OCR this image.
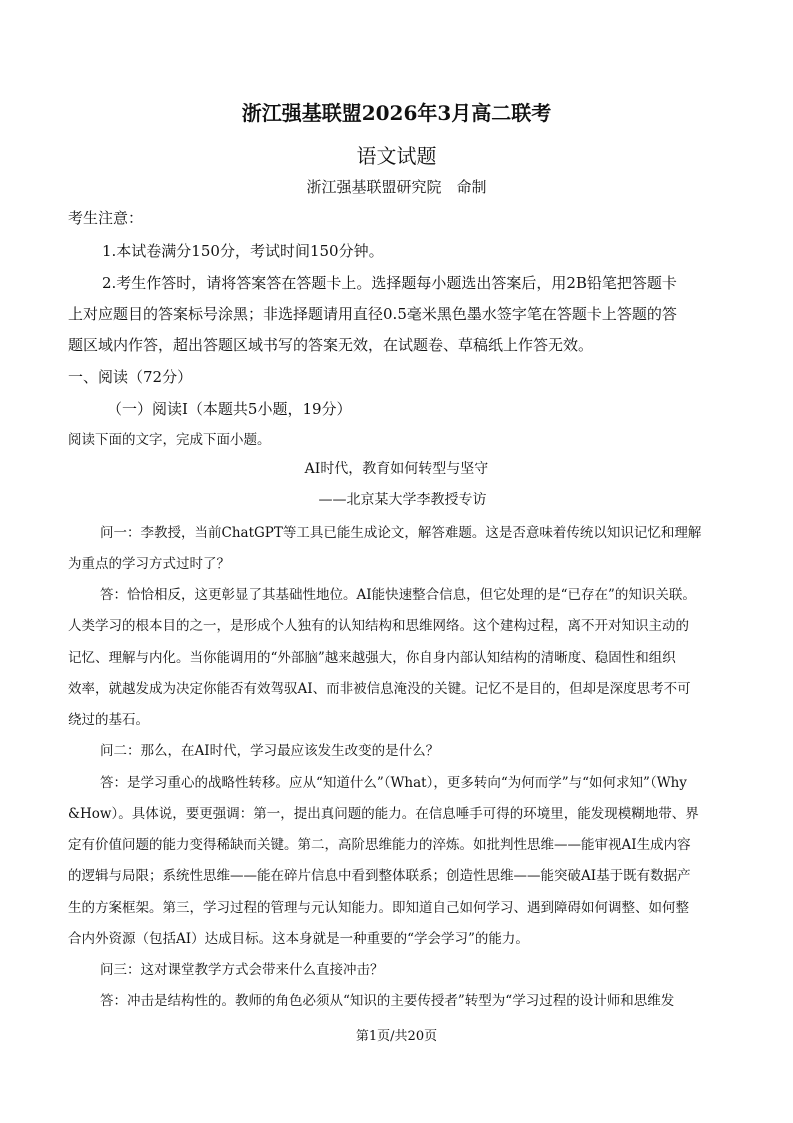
浙江强基联盟2026年3月高二联考
语文试题
浙江强基联盟研究院　命制
考生注意：
1.本试卷满分150分，考试时间150分钟。
2.考生作答时，请将答案答在答题卡上。选择题每小题选出答案后，用2B铅笔把答题卡
上对应题目的答案标号涂黑；非选择题请用直径0.5毫米黑色墨水签字笔在答题卡上答题的答
题区域内作答，超出答题区域书写的答案无效，在试题卷、草稿纸上作答无效。
一、阅读（72分）
（一）阅读Ⅰ（本题共5小题，19分）
阅读下面的文字，完成下面小题。
AI时代，教育如何转型与坚守
——北京某大学李教授专访
问一：李教授，当前ChatGPT等工具已能生成论文，解答难题。这是否意味着传统以知识记忆和理解
为重点的学习方式过时了？
答：恰恰相反，这更彰显了其基础性地位。AI能快速整合信息，但它处理的是“已存在”的知识关联。
人类学习的根本目的之一，是形成个人独有的认知结构和思维网络。这个建构过程，离不开对知识主动的
记忆、理解与内化。当你能调用的“外部脑”越来越强大，你自身内部认知结构的清晰度、稳固性和组织
效率，就越发成为决定你能否有效驾驭AI、而非被信息淹没的关键。记忆不是目的，但却是深度思考不可
绕过的基石。
问二：那么，在AI时代，学习最应该发生改变的是什么？
答：是学习重心的战略性转移。应从“知道什么”（What），更多转向“为何而学”与“如何求知”（Why
&How）。具体说，要更强调：第一，提出真问题的能力。在信息唾手可得的环境里，能发现模糊地带、界
定有价值问题的能力变得稀缺而关键。第二，高阶思维能力的淬炼。如批判性思维——能审视AI生成内容
的逻辑与局限；系统性思维——能在碎片信息中看到整体联系；创造性思维——能突破AI基于既有数据产
生的方案框架。第三，学习过程的管理与元认知能力。即知道自己如何学习、遇到障碍如何调整、如何整
合内外资源（包括AI）达成目标。这本身就是一种重要的“学会学习”的能力。
问三：这对课堂教学方式会带来什么直接冲击？
答：冲击是结构性的。教师的角色必须从“知识的主要传授者”转型为“学习过程的设计师和思维发
第1页/共20页
